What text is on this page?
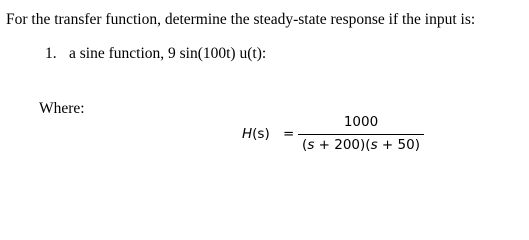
For the transfer function, determine the steady-state response if the input is:
1. a sine function, 9 sin(100t) u(t):
Where:
H(s) =
1000
(s + 200)(s + 50)
